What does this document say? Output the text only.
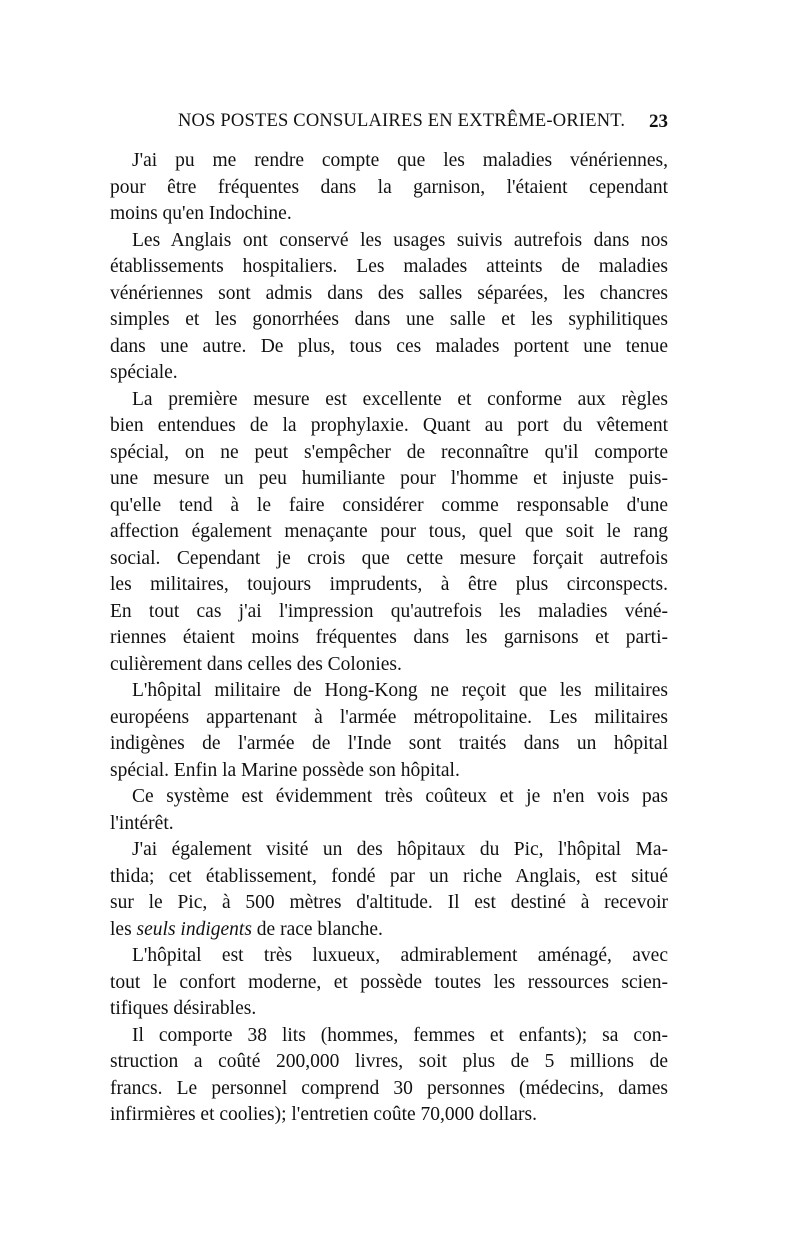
NOS POSTES CONSULAIRES EN EXTRÊME-ORIENT. 23
J'ai pu me rendre compte que les maladies vénériennes,
pour être fréquentes dans la garnison, l'étaient cependant
moins qu'en Indochine.
Les Anglais ont conservé les usages suivis autrefois dans nos
établissements hospitaliers. Les malades atteints de maladies
vénériennes sont admis dans des salles séparées, les chancres
simples et les gonorrhées dans une salle et les syphilitiques
dans une autre. De plus, tous ces malades portent une tenue
spéciale.
La première mesure est excellente et conforme aux règles
bien entendues de la prophylaxie. Quant au port du vêtement
spécial, on ne peut s'empêcher de reconnaître qu'il comporte
une mesure un peu humiliante pour l'homme et injuste puis-
qu'elle tend à le faire considérer comme responsable d'une
affection également menaçante pour tous, quel que soit le rang
social. Cependant je crois que cette mesure forçait autrefois
les militaires, toujours imprudents, à être plus circonspects.
En tout cas j'ai l'impression qu'autrefois les maladies véné-
riennes étaient moins fréquentes dans les garnisons et parti-
culièrement dans celles des Colonies.
L'hôpital militaire de Hong-Kong ne reçoit que les militaires
européens appartenant à l'armée métropolitaine. Les militaires
indigènes de l'armée de l'Inde sont traités dans un hôpital
spécial. Enfin la Marine possède son hôpital.
Ce système est évidemment très coûteux et je n'en vois pas
l'intérêt.
J'ai également visité un des hôpitaux du Pic, l'hôpital Ma-
thida; cet établissement, fondé par un riche Anglais, est situé
sur le Pic, à 500 mètres d'altitude. Il est destiné à recevoir
les seuls indigents de race blanche.
L'hôpital est très luxueux, admirablement aménagé, avec
tout le confort moderne, et possède toutes les ressources scien-
tifiques désirables.
Il comporte 38 lits (hommes, femmes et enfants); sa con-
struction a coûté 200,000 livres, soit plus de 5 millions de
francs. Le personnel comprend 30 personnes (médecins, dames
infirmières et coolies); l'entretien coûte 70,000 dollars.
